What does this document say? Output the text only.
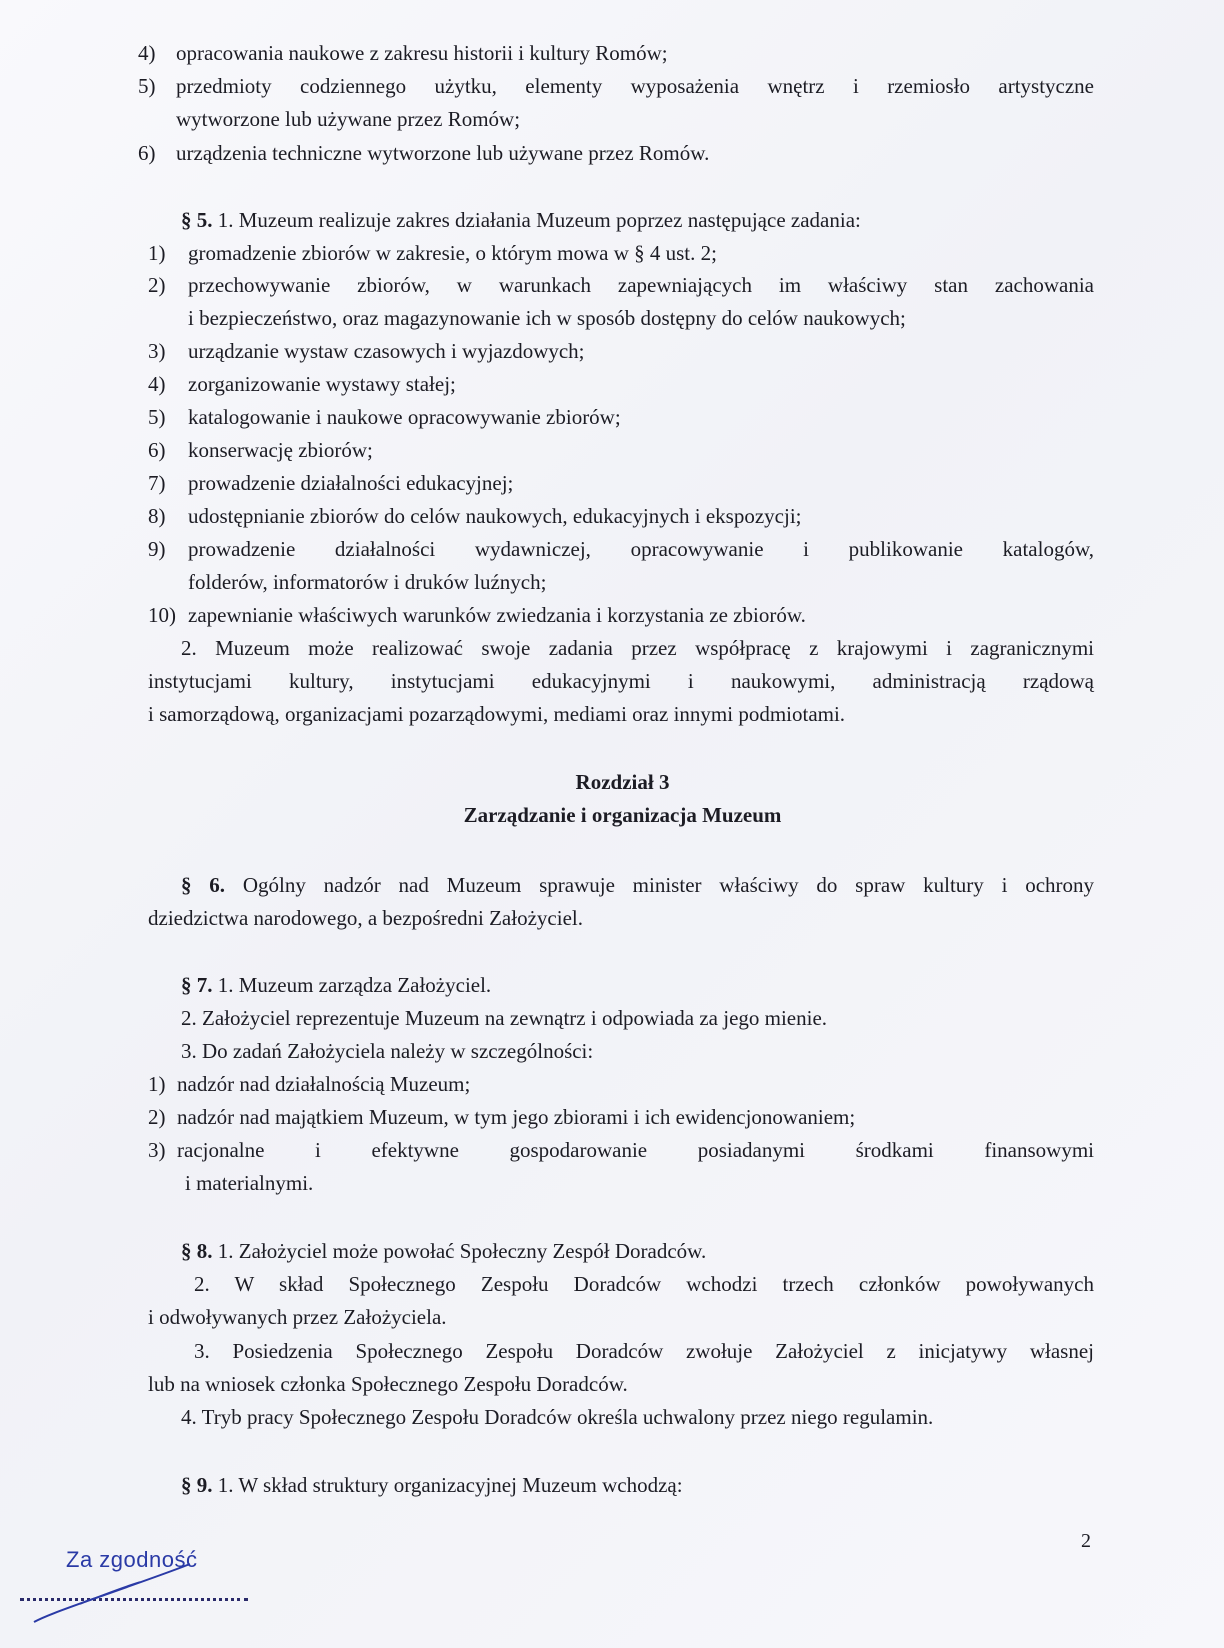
4) opracowania naukowe z zakresu historii i kultury Romów;
5) przedmioty codziennego użytku, elementy wyposażenia wnętrz i rzemiosło artystyczne
wytworzone lub używane przez Romów;
6) urządzenia techniczne wytworzone lub używane przez Romów.
§ 5. 1. Muzeum realizuje zakres działania Muzeum poprzez następujące zadania:
1) gromadzenie zbiorów w zakresie, o którym mowa w § 4 ust. 2;
2) przechowywanie zbiorów, w warunkach zapewniających im właściwy stan zachowania
i bezpieczeństwo, oraz magazynowanie ich w sposób dostępny do celów naukowych;
3) urządzanie wystaw czasowych i wyjazdowych;
4) zorganizowanie wystawy stałej;
5) katalogowanie i naukowe opracowywanie zbiorów;
6) konserwację zbiorów;
7) prowadzenie działalności edukacyjnej;
8) udostępnianie zbiorów do celów naukowych, edukacyjnych i ekspozycji;
9) prowadzenie działalności wydawniczej, opracowywanie i publikowanie katalogów,
folderów, informatorów i druków luźnych;
10) zapewnianie właściwych warunków zwiedzania i korzystania ze zbiorów.
2. Muzeum może realizować swoje zadania przez współpracę z krajowymi i zagranicznymi
instytucjami kultury, instytucjami edukacyjnymi i naukowymi, administracją rządową
i samorządową, organizacjami pozarządowymi, mediami oraz innymi podmiotami.
Rozdział 3
Zarządzanie i organizacja Muzeum
§ 6. Ogólny nadzór nad Muzeum sprawuje minister właściwy do spraw kultury i ochrony
dziedzictwa narodowego, a bezpośredni Założyciel.
§ 7. 1. Muzeum zarządza Założyciel.
2. Założyciel reprezentuje Muzeum na zewnątrz i odpowiada za jego mienie.
3. Do zadań Założyciela należy w szczególności:
1) nadzór nad działalnością Muzeum;
2) nadzór nad majątkiem Muzeum, w tym jego zbiorami i ich ewidencjonowaniem;
3) racjonalne i efektywne gospodarowanie posiadanymi środkami finansowymi
i materialnymi.
§ 8. 1. Założyciel może powołać Społeczny Zespół Doradców.
2. W skład Społecznego Zespołu Doradców wchodzi trzech członków powoływanych
i odwoływanych przez Założyciela.
3. Posiedzenia Społecznego Zespołu Doradców zwołuje Założyciel z inicjatywy własnej
lub na wniosek członka Społecznego Zespołu Doradców.
4. Tryb pracy Społecznego Zespołu Doradców określa uchwalony przez niego regulamin.
§ 9. 1. W skład struktury organizacyjnej Muzeum wchodzą:
2
Za zgodność
